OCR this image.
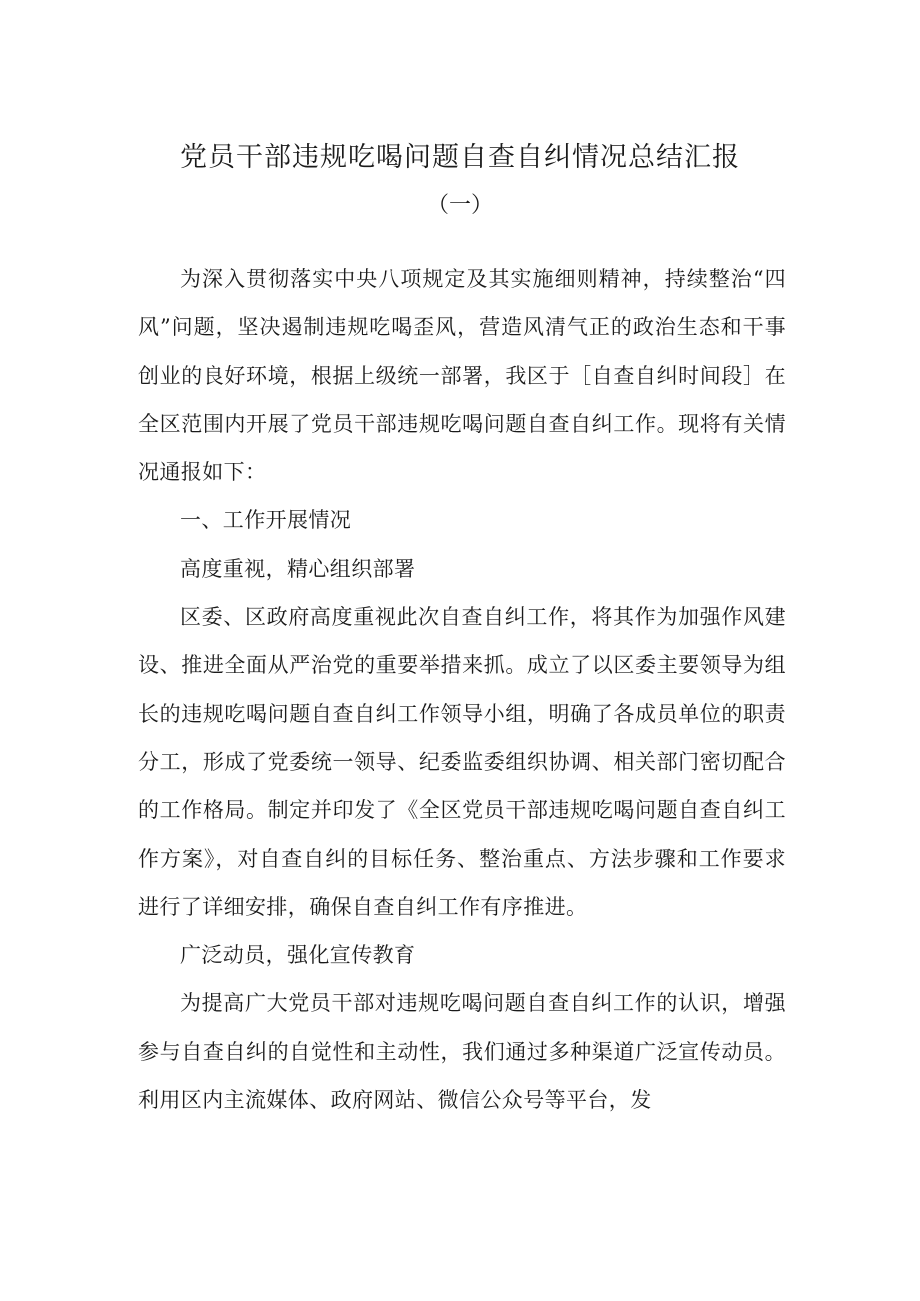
党员干部违规吃喝问题自查自纠情况总结汇报
（一）

为深入贯彻落实中央八项规定及其实施细则精神，持续整治“四风”问题，坚决遏制违规吃喝歪风，营造风清气正的政治生态和干事创业的良好环境，根据上级统一部署，我区于［自查自纠时间段］在全区范围内开展了党员干部违规吃喝问题自查自纠工作。现将有关情况通报如下：

一、工作开展情况

高度重视，精心组织部署

区委、区政府高度重视此次自查自纠工作，将其作为加强作风建设、推进全面从严治党的重要举措来抓。成立了以区委主要领导为组长的违规吃喝问题自查自纠工作领导小组，明确了各成员单位的职责分工，形成了党委统一领导、纪委监委组织协调、相关部门密切配合的工作格局。制定并印发了《全区党员干部违规吃喝问题自查自纠工作方案》，对自查自纠的目标任务、整治重点、方法步骤和工作要求进行了详细安排，确保自查自纠工作有序推进。

广泛动员，强化宣传教育

为提高广大党员干部对违规吃喝问题自查自纠工作的认识，增强参与自查自纠的自觉性和主动性，我们通过多种渠道广泛宣传动员。利用区内主流媒体、政府网站、微信公众号等平台，发
